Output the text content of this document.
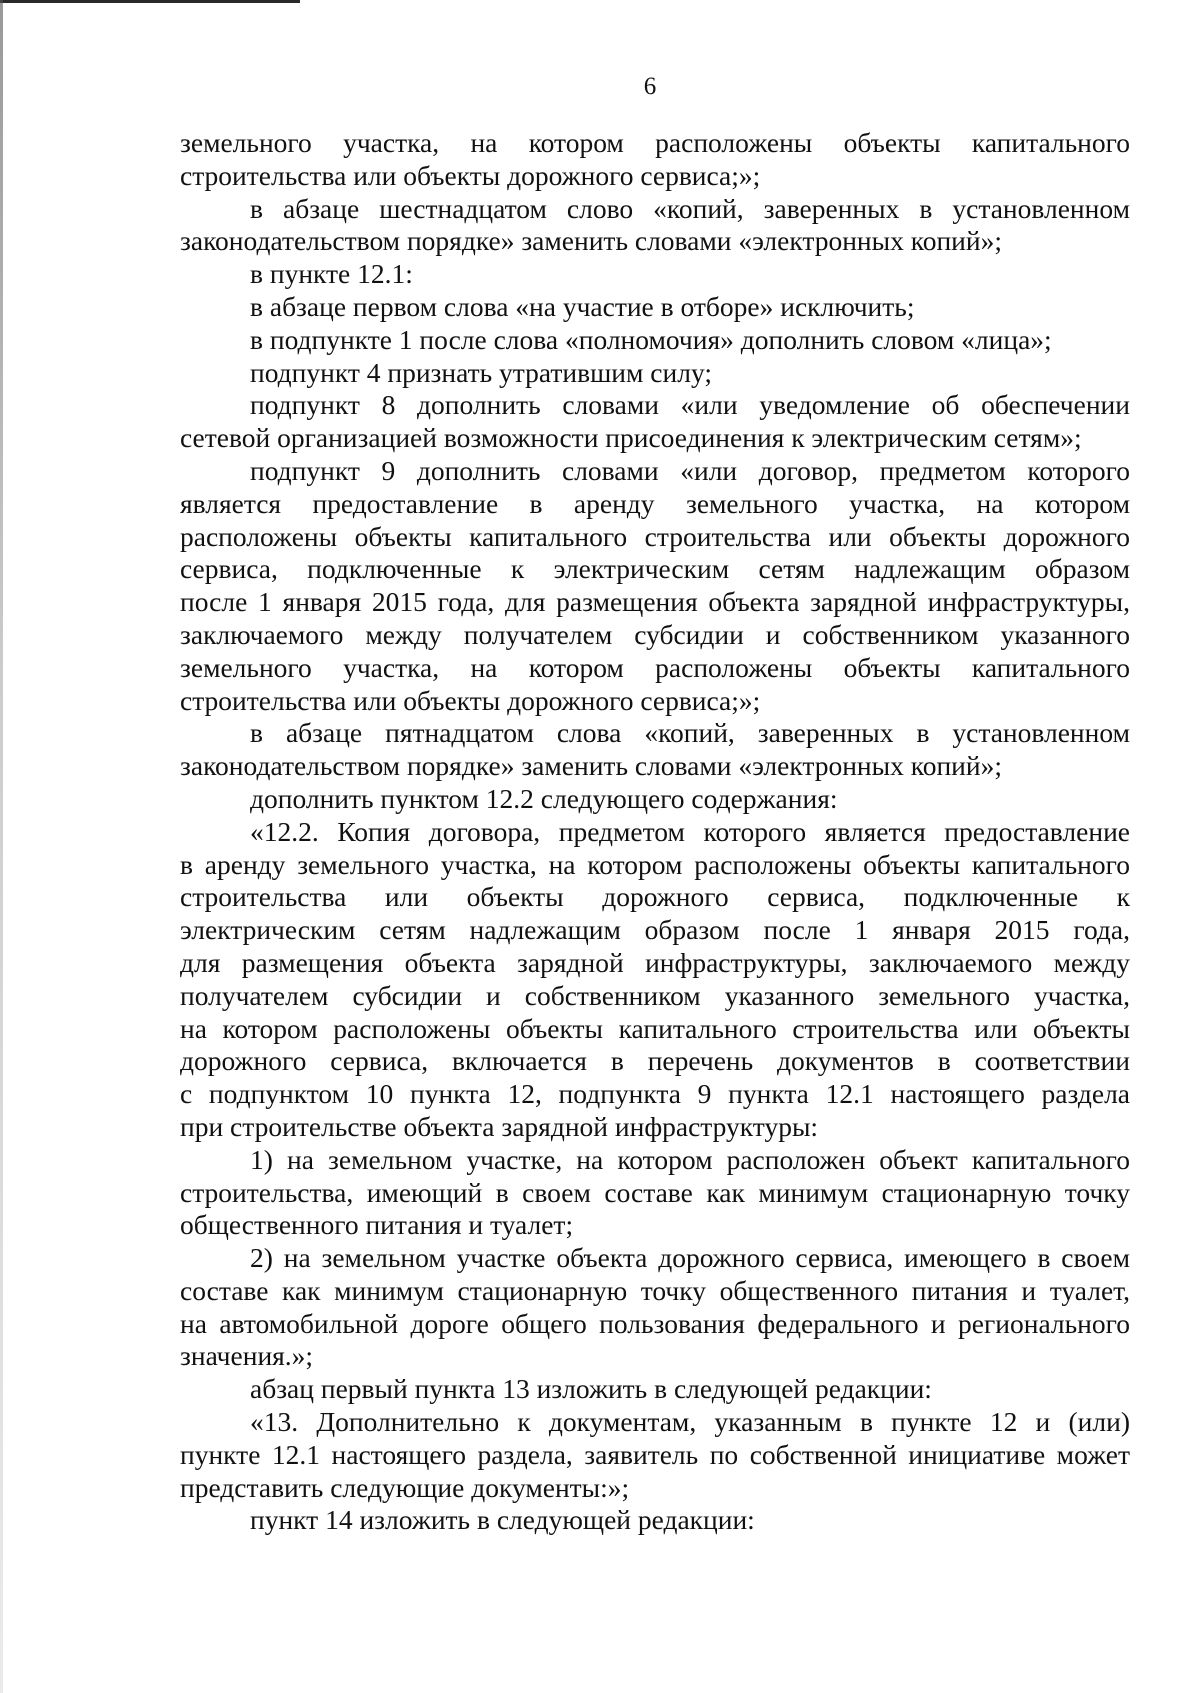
6
земельного участка, на котором расположены объекты капитального
строительства или объекты дорожного сервиса;»;
в абзаце шестнадцатом слово «копий, заверенных в установленном
законодательством порядке» заменить словами «электронных копий»;
в пункте 12.1:
в абзаце первом слова «на участие в отборе» исключить;
в подпункте 1 после слова «полномочия» дополнить словом «лица»;
подпункт 4 признать утратившим силу;
подпункт 8 дополнить словами «или уведомление об обеспечении
сетевой организацией возможности присоединения к электрическим сетям»;
подпункт 9 дополнить словами «или договор, предметом которого
является предоставление в аренду земельного участка, на котором
расположены объекты капитального строительства или объекты дорожного
сервиса, подключенные к электрическим сетям надлежащим образом
после 1 января 2015 года, для размещения объекта зарядной инфраструктуры,
заключаемого между получателем субсидии и собственником указанного
земельного участка, на котором расположены объекты капитального
строительства или объекты дорожного сервиса;»;
в абзаце пятнадцатом слова «копий, заверенных в установленном
законодательством порядке» заменить словами «электронных копий»;
дополнить пунктом 12.2 следующего содержания:
«12.2. Копия договора, предметом которого является предоставление
в аренду земельного участка, на котором расположены объекты капитального
строительства или объекты дорожного сервиса, подключенные к
электрическим сетям надлежащим образом после 1 января 2015 года,
для размещения объекта зарядной инфраструктуры, заключаемого между
получателем субсидии и собственником указанного земельного участка,
на котором расположены объекты капитального строительства или объекты
дорожного сервиса, включается в перечень документов в соответствии
с подпунктом 10 пункта 12, подпункта 9 пункта 12.1 настоящего раздела
при строительстве объекта зарядной инфраструктуры:
1) на земельном участке, на котором расположен объект капитального
строительства, имеющий в своем составе как минимум стационарную точку
общественного питания и туалет;
2) на земельном участке объекта дорожного сервиса, имеющего в своем
составе как минимум стационарную точку общественного питания и туалет,
на автомобильной дороге общего пользования федерального и регионального
значения.»;
абзац первый пункта 13 изложить в следующей редакции:
«13. Дополнительно к документам, указанным в пункте 12 и (или)
пункте 12.1 настоящего раздела, заявитель по собственной инициативе может
представить следующие документы:»;
пункт 14 изложить в следующей редакции:
